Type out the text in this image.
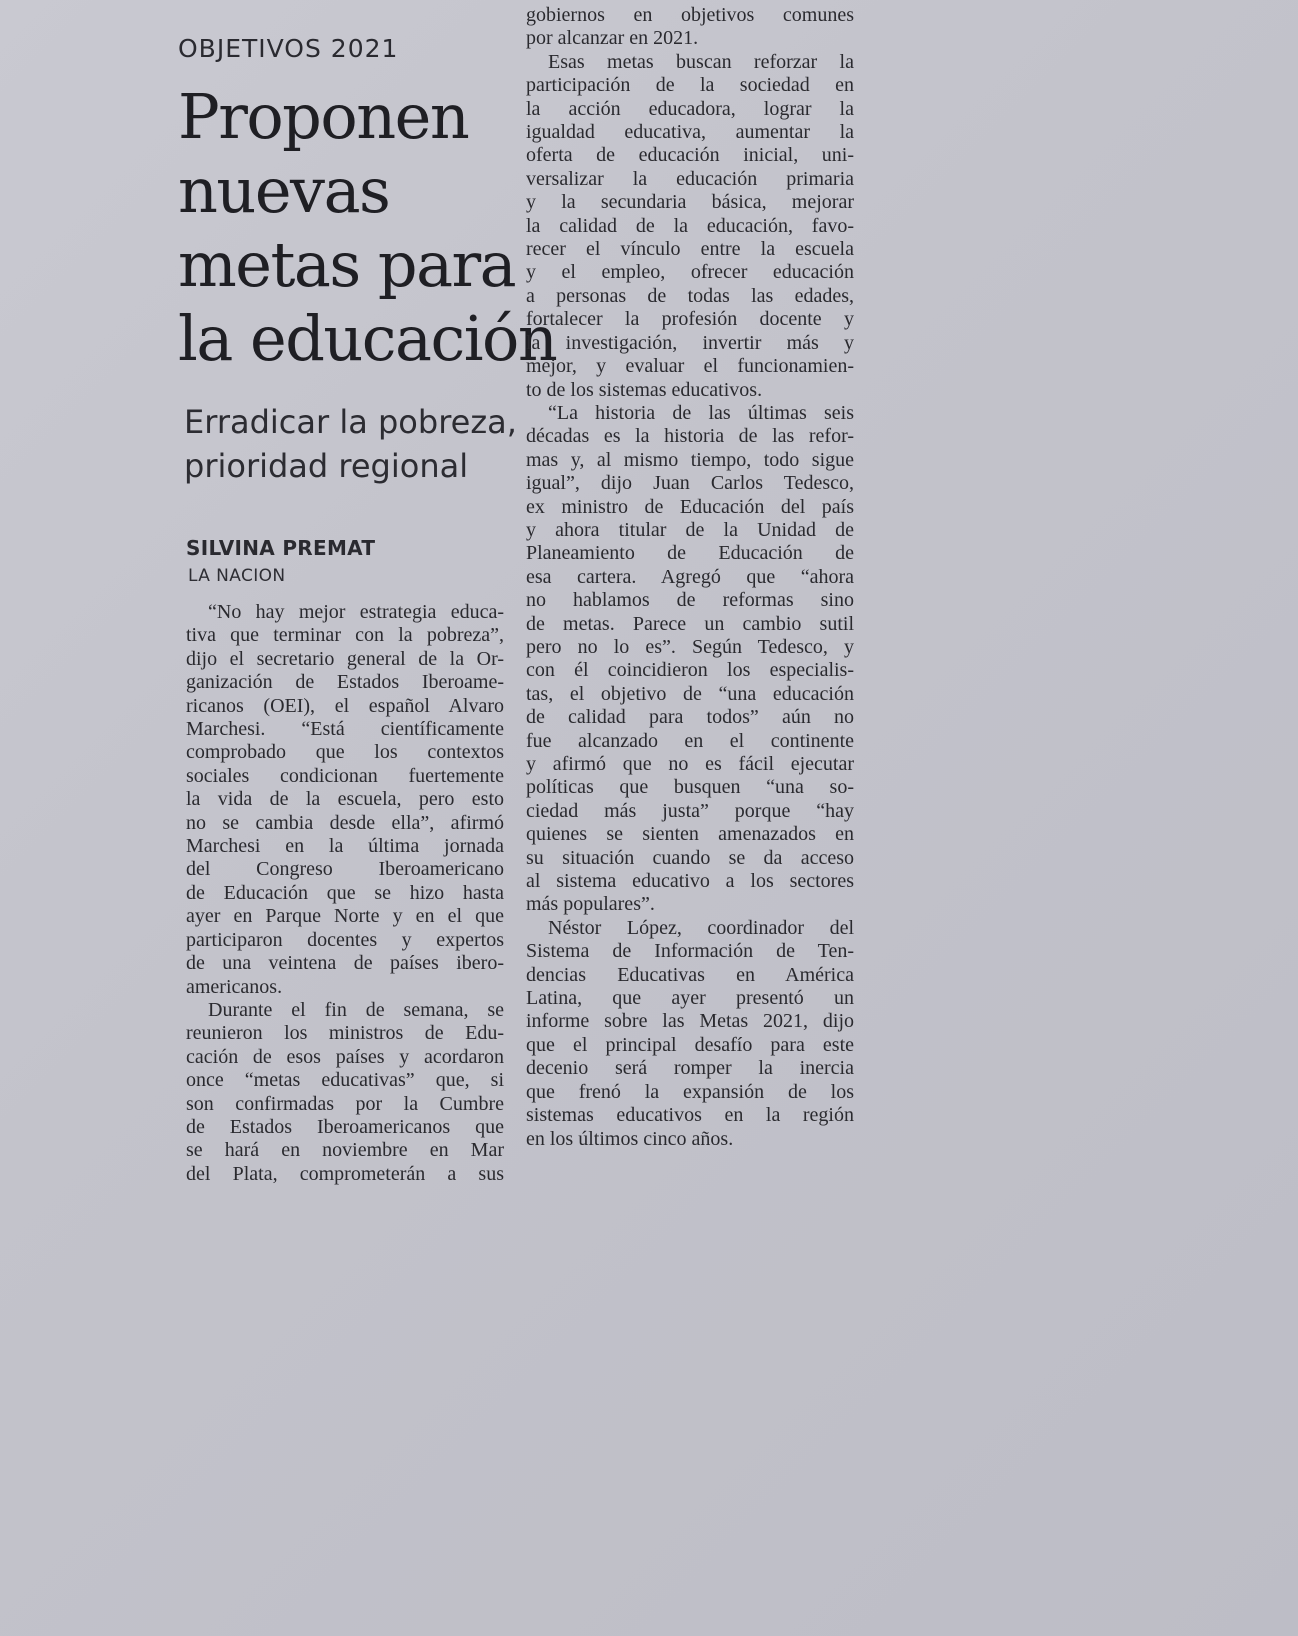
OBJETIVOS 2021
Proponen
nuevas
metas para
la educación
Erradicar la pobreza,
prioridad regional
SILVINA PREMAT
LA NACION
“No hay mejor estrategia educa-
tiva que terminar con la pobreza”,
dijo el secretario general de la Or-
ganización de Estados Iberoame-
ricanos (OEI), el español Alvaro
Marchesi. “Está científicamente
comprobado que los contextos
sociales condicionan fuertemente
la vida de la escuela, pero esto
no se cambia desde ella”, afirmó
Marchesi en la última jornada
del Congreso Iberoamericano
de Educación que se hizo hasta
ayer en Parque Norte y en el que
participaron docentes y expertos
de una veintena de países ibero-
americanos.
Durante el fin de semana, se
reunieron los ministros de Edu-
cación de esos países y acordaron
once “metas educativas” que, si
son confirmadas por la Cumbre
de Estados Iberoamericanos que
se hará en noviembre en Mar
del Plata, comprometerán a sus
gobiernos en objetivos comunes
por alcanzar en 2021.
Esas metas buscan reforzar la
participación de la sociedad en
la acción educadora, lograr la
igualdad educativa, aumentar la
oferta de educación inicial, uni-
versalizar la educación primaria
y la secundaria básica, mejorar
la calidad de la educación, favo-
recer el vínculo entre la escuela
y el empleo, ofrecer educación
a personas de todas las edades,
fortalecer la profesión docente y
la investigación, invertir más y
mejor, y evaluar el funcionamien-
to de los sistemas educativos.
“La historia de las últimas seis
décadas es la historia de las refor-
mas y, al mismo tiempo, todo sigue
igual”, dijo Juan Carlos Tedesco,
ex ministro de Educación del país
y ahora titular de la Unidad de
Planeamiento de Educación de
esa cartera. Agregó que “ahora
no hablamos de reformas sino
de metas. Parece un cambio sutil
pero no lo es”. Según Tedesco, y
con él coincidieron los especialis-
tas, el objetivo de “una educación
de calidad para todos” aún no
fue alcanzado en el continente
y afirmó que no es fácil ejecutar
políticas que busquen “una so-
ciedad más justa” porque “hay
quienes se sienten amenazados en
su situación cuando se da acceso
al sistema educativo a los sectores
más populares”.
Néstor López, coordinador del
Sistema de Información de Ten-
dencias Educativas en América
Latina, que ayer presentó un
informe sobre las Metas 2021, dijo
que el principal desafío para este
decenio será romper la inercia
que frenó la expansión de los
sistemas educativos en la región
en los últimos cinco años.
